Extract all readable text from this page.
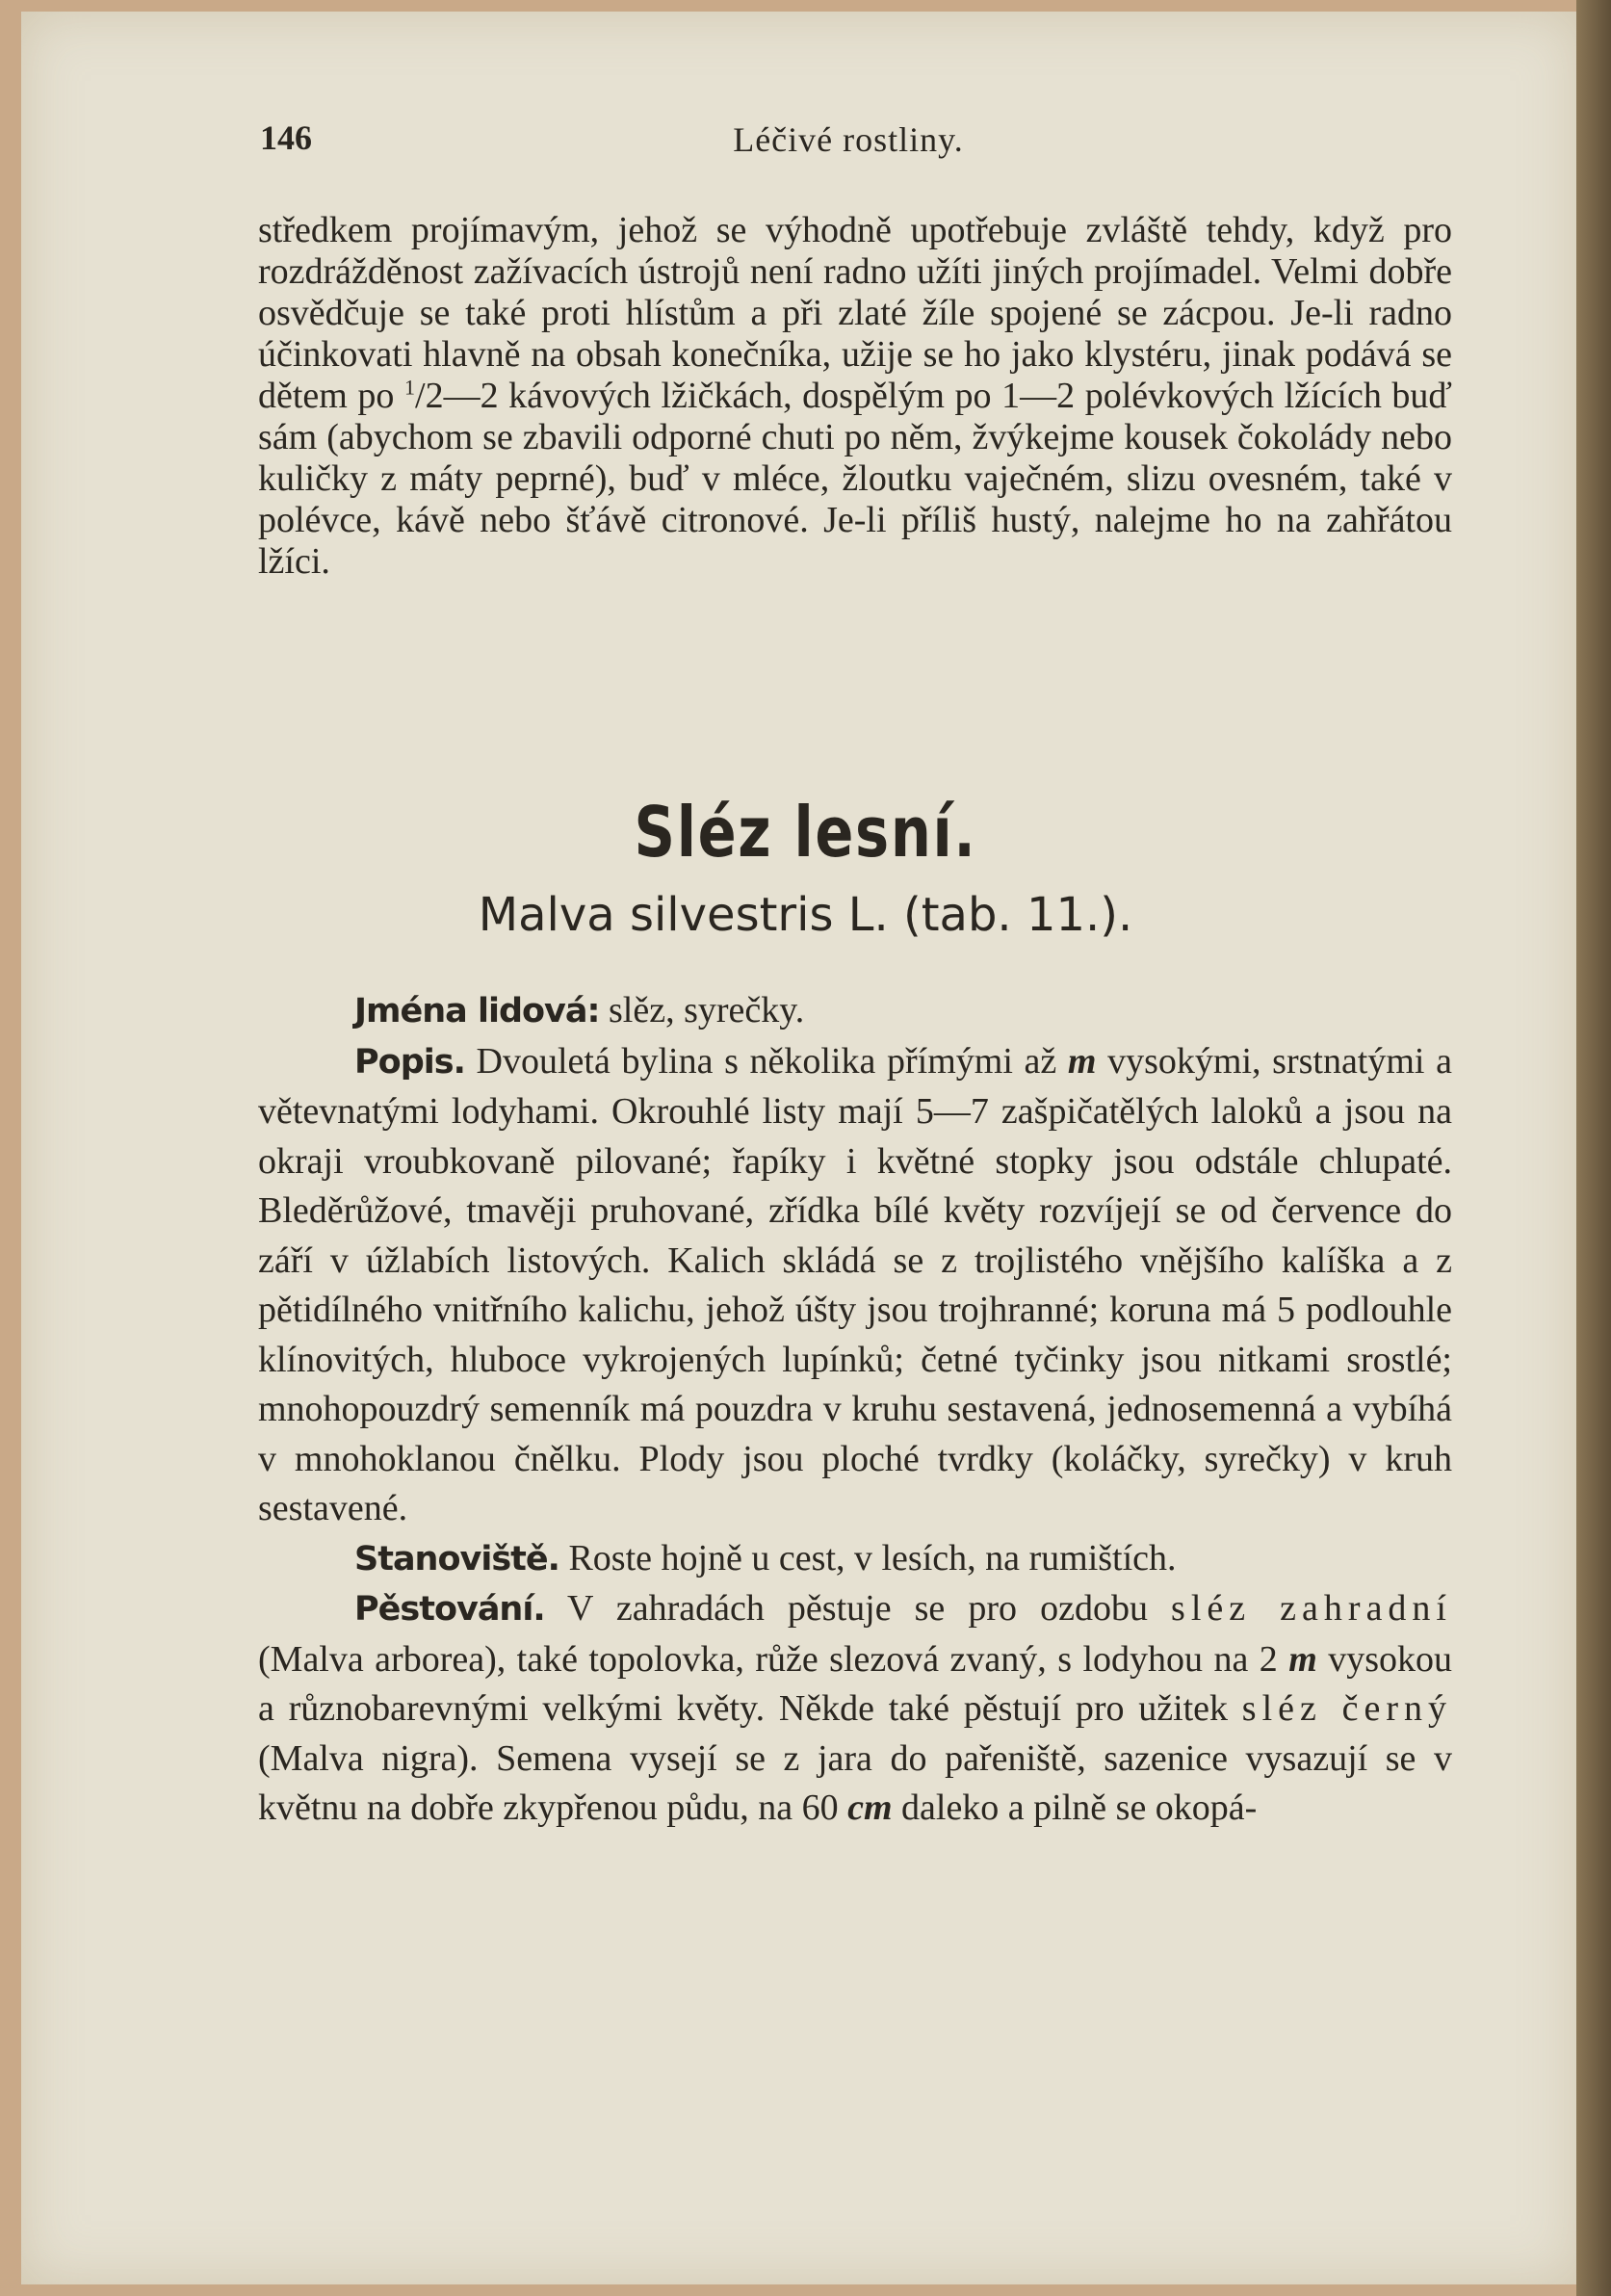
146	Léčivé rostliny.

středkem projímavým, jehož se výhodně upotřebuje zvláště tehdy, když pro rozdrážděnost zažívacích ústrojů není radno užíti jiných projímadel. Velmi dobře osvědčuje se také proti hlístům a při zlaté žíle spojené se zácpou. Je-li radno účinkovati hlavně na obsah konečníka, užije se ho jako klystéru, jinak podává se dětem po $^1$/2—2 kávových lžičkách, dospělým po 1—2 polévkových lžících buď sám (abychom se zbavili odporné chuti po něm, žvýkejme kousek čokolády nebo kuličky z máty peprné), buď v mléce, žloutku vaječném, slizu ovesném, také v polévce, kávě nebo šťávě citronové. Je-li příliš hustý, nalejme ho na zahřátou lžíci.

Sléz lesní.
Malva silvestris L. (tab. 11.).

Jména lidová: slěz, syrečky.

Popis. Dvouletá bylina s několika přímými až m vysokými, srstnatými a větevnatými lodyhami. Okrouhlé listy mají 5—7 zašpičatělých laloků a jsou na okraji vroubkovaně pilované; řapíky i květné stopky jsou odstále chlupaté. Bleděrůžové, tmavěji pruhované, zřídka bílé květy rozvíjejí se od července do září v úžlabích listových. Kalich skládá se z trojlistého vnějšího kalíška a z pětidílného vnitřního kalichu, jehož úšty jsou trojhranné; koruna má 5 podlouhle klínovitých, hluboce vykrojených lupínků; četné tyčinky jsou nitkami srostlé; mnohopouzdrý semenník má pouzdra v kruhu sestavená, jednosemenná a vybíhá v mnohoklanou čnělku. Plody jsou ploché tvrdky (koláčky, syrečky) v kruh sestavené.

Stanoviště. Roste hojně u cest, v lesích, na rumištích.

Pěstování. V zahradách pěstuje se pro ozdobu sléz zahradní (Malva arborea), také topolovka, růže slezová zvaný, s lodyhou na 2 m vysokou a různobarevnými velkými květy. Někde také pěstují pro užitek sléz černý (Malva nigra). Semena vysejí se z jara do pařeniště, sazenice vysazují se v květnu na dobře zkypřenou půdu, na 60 cm daleko a pilně se okopá-
